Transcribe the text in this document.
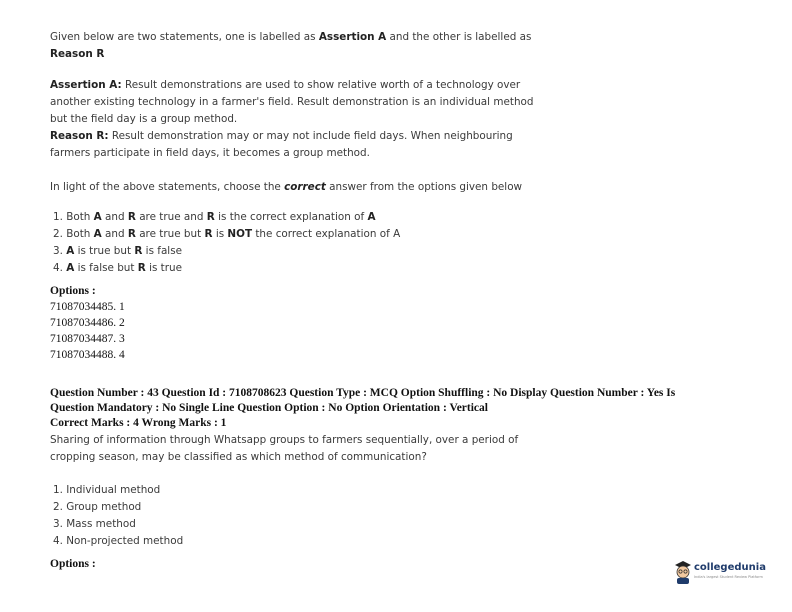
Given below are two statements, one is labelled as Assertion A and the other is labelled as
Reason R
Assertion A: Result demonstrations are used to show relative worth of a technology over
another existing technology in a farmer's field. Result demonstration is an individual method
but the field day is a group method.
Reason R: Result demonstration may or may not include field days. When neighbouring
farmers participate in field days, it becomes a group method.
In light of the above statements, choose the correct answer from the options given below
1. Both A and R are true and R is the correct explanation of A
2. Both A and R are true but R is NOT the correct explanation of A
3. A is true but R is false
4. A is false but R is true
Options :
71087034485. 1
71087034486. 2
71087034487. 3
71087034488. 4
Question Number : 43 Question Id : 7108708623 Question Type : MCQ Option Shuffling : No Display Question Number : Yes Is
Question Mandatory : No Single Line Question Option : No Option Orientation : Vertical
Correct Marks : 4 Wrong Marks : 1
Sharing of information through Whatsapp groups to farmers sequentially, over a period of
cropping season, may be classified as which method of communication?
1. Individual method
2. Group method
3. Mass method
4. Non-projected method
Options :	collegedunia
India's largest Student Review Platform
